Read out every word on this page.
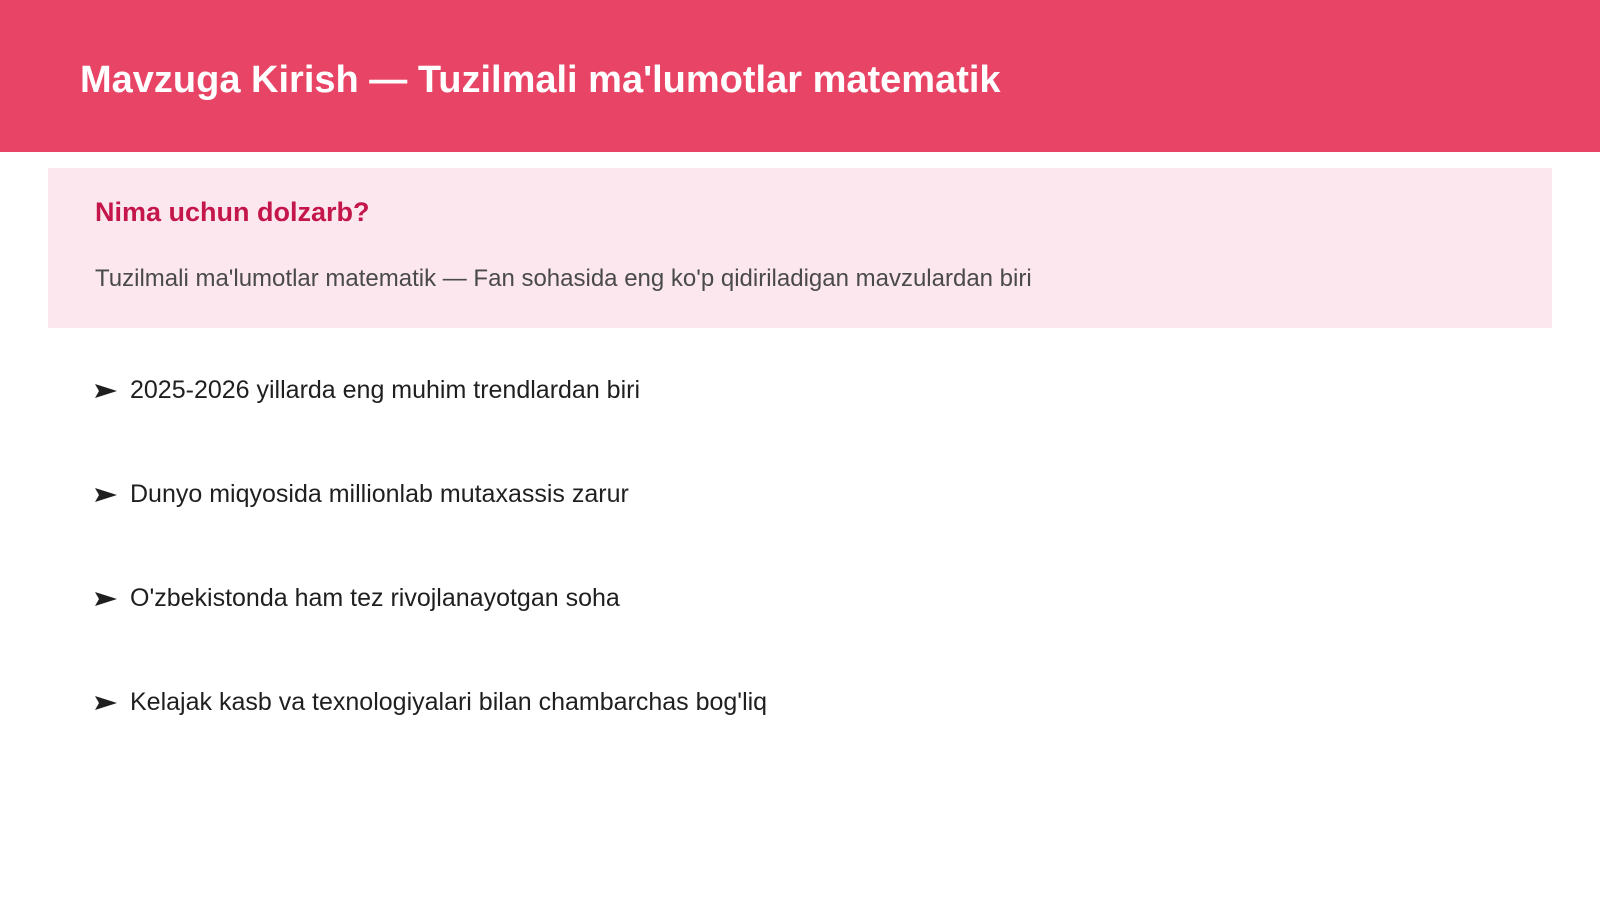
Mavzuga Kirish — Tuzilmali ma'lumotlar matematik
Nima uchun dolzarb?

Tuzilmali ma'lumotlar matematik — Fan sohasida eng ko'p qidiriladigan mavzulardan biri

2025-2026 yillarda eng muhim trendlardan biri
Dunyo miqyosida millionlab mutaxassis zarur
O'zbekistonda ham tez rivojlanayotgan soha
Kelajak kasb va texnologiyalari bilan chambarchas bog'liq
